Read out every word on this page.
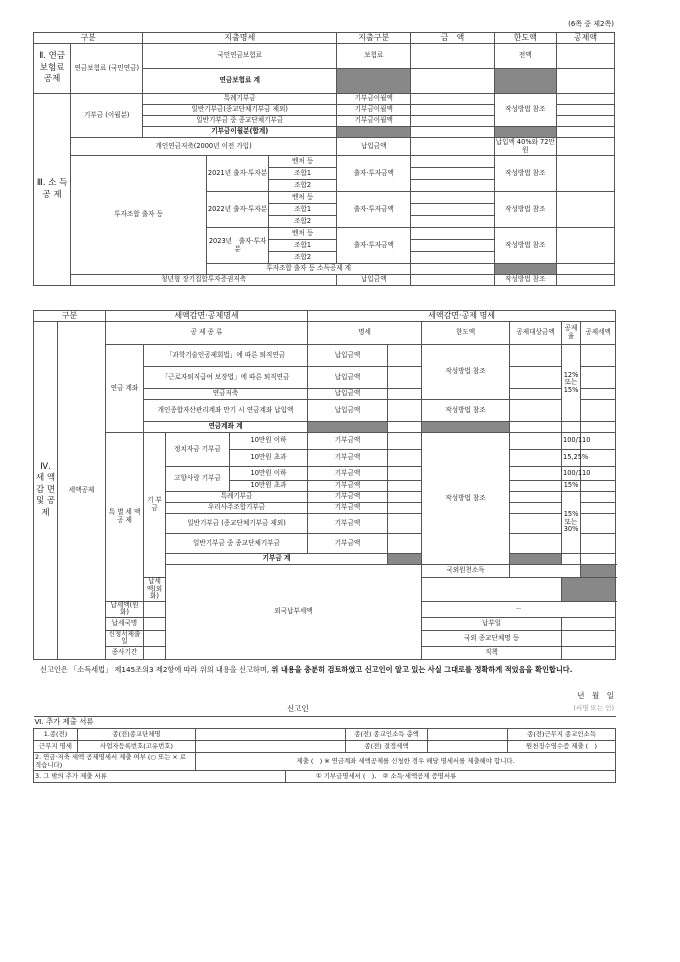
(6쪽 중 제2쪽)
구분		지출명세			지출구분	금　액	한도액	공제액
Ⅱ. 연금 보험료 공제	연금보험료 (국민연금)	국민연금보험료			보험료		전액	
		연금보험료 계						
Ⅲ. 소 득 공 제	기부금 (이월분)	특례기부금			기부금이월액		작성방법 참조	
		일반기부금(종교단체기부금 제외)			기부금이월액			
		일반기부금 중 종교단체기부금			기부금이월액			
		기부금이월분(합계)						
	개인연금저축(2000년 이전 가입)				납입금액		납입액 40%와 72만원	
	투자조합 출자 등		2021년 출자·투자분	벤처 등	출자·투자금액		작성방법 참조	
				조합1				
				조합2				
			2022년 출자·투자분	벤처 등	출자·투자금액		작성방법 참조	
				조합1				
				조합2				
			2023년　출자·투자분	벤처 등	출자·투자금액		작성방법 참조	
				조합1				
				조합2				
			투자조합 출자 등 소득공제 계					
	청년형 장기집합투자증권저축				납입금액		작성방법 참조	
구분		세액감면·공제명세				세액감면·공제 명세						
Ⅳ. 세 액 감 면 및 공 제	세액공제	공 제 종 류				명세		한도액	공제대상금액	공제율	공제세액	
		연금 계좌	「과학기술인공제회법」에 따른 퇴직연금			납입금액		작성방법 참조		12% 또는 15%		
			「근로자퇴직급여 보장법」에 따른 퇴직연금			납입금액						
			연금저축			납입금액						
			개인종합자산관리계좌 만기 시 연금계좌 납입액			납입금액		작성방법 참조				
			연금계좌 계									
		특 별 세 액 공 제	기 부 금	정치자금 기부금	10만원 이하	기부금액		작성방법 참조		100/110		
					10만원 초과	기부금액				15,25%		
				고향사랑 기부금	10만원 이하	기부금액				100/110		
					10만원 초과	기부금액				15%		
				특례기부금		기부금액				15% 또는 30%		
				우리사주조합기부금		기부금액						
				일반기부금 (종교단체기부금 제외)		기부금액						
				일반기부금 중 종교단체기부금		기부금액						
				기부금 계								
				외국납부세액				국외원천소득				
			납세액(외화)									
		납세액(원화)						－				
		납세국명						납부일				
		신청서제출일						국외 종교단체명 등				
		종사기간						직책				
신고인은 「소득세법」 제145조의3 제2항에 따라 위의 내용을 신고하며, 위 내용을 충분히 검토하였고 신고인이 알고 있는 사실 그대로를 정확하게 적었음을 확인합니다.
년　월　일
신고인	(서명 또는 인)
Ⅵ. 추가 제출 서류						
1.종(전)	종(전)종교단체명			종(전) 종교인소득 총액		종(전)근무지 종교인소득
근무지 명세	사업자등록번호(고유번호)			종(전) 결정세액		원천징수영수증 제출 (　)
2. 연금·저축 세액 공제명세서 제출 여부 (○ 또는 × 로 적습니다)		제출 (　) ※ 연금계좌 세액공제를 신청한 경우 해당 명세서를 제출해야 합니다.				
3. 그 밖의 추가 제출 서류			① 기부금명세서 (　),　② 소득·세액공제 증명서류			
